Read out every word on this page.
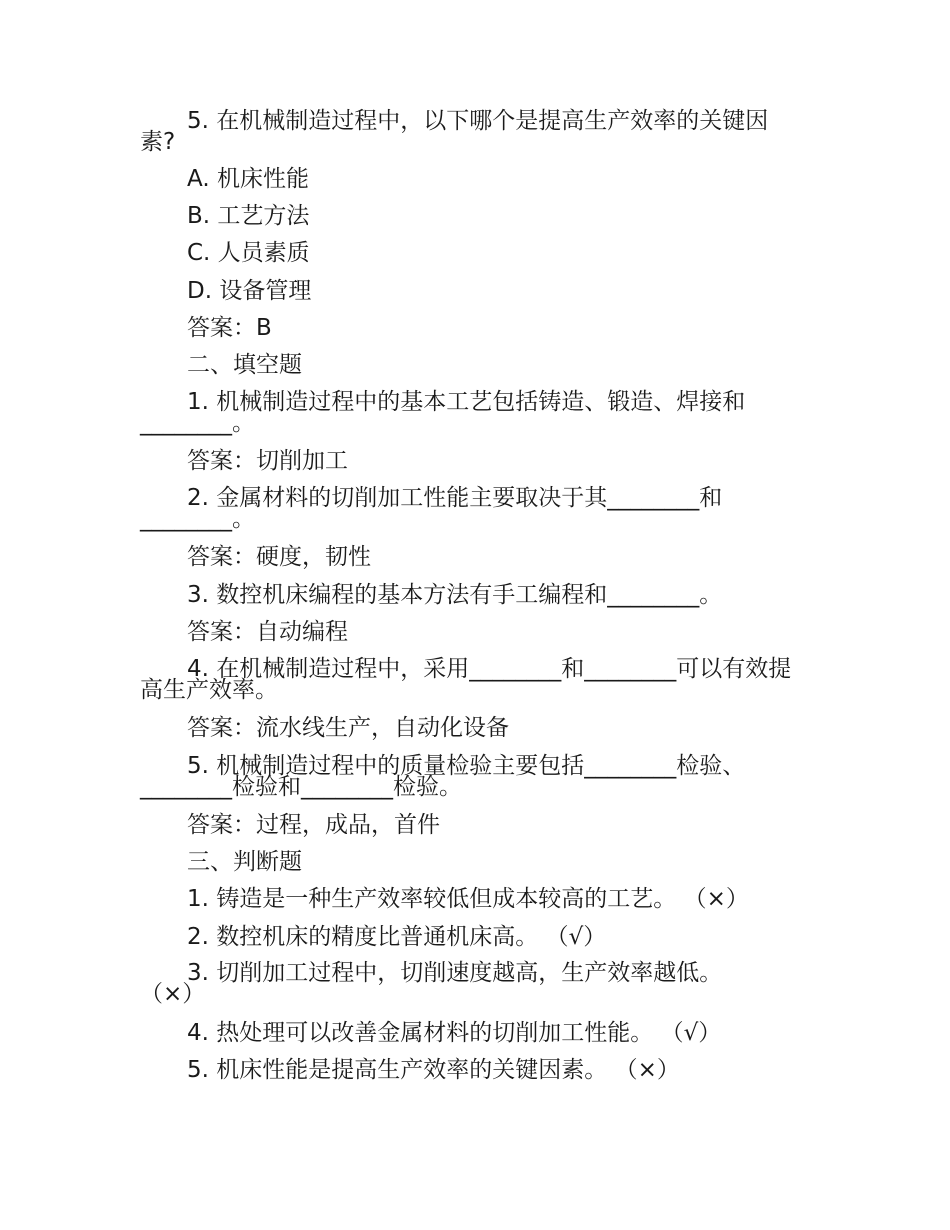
5. 在机械制造过程中，以下哪个是提高生产效率的关键因素?

A. 机床性能

B. 工艺方法

C. 人员素质

D. 设备管理

答案：B

二、填空题

1. 机械制造过程中的基本工艺包括铸造、锻造、焊接和________。

答案：切削加工

2. 金属材料的切削加工性能主要取决于其________和________。

答案：硬度，韧性

3. 数控机床编程的基本方法有手工编程和________。

答案：自动编程

4. 在机械制造过程中，采用________和________可以有效提高生产效率。

答案：流水线生产，自动化设备

5. 机械制造过程中的质量检验主要包括________检验、________检验和________检验。

答案：过程，成品，首件

三、判断题

1. 铸造是一种生产效率较低但成本较高的工艺。 （×）

2. 数控机床的精度比普通机床高。 （√）

3. 切削加工过程中，切削速度越高，生产效率越低。 （×）

4. 热处理可以改善金属材料的切削加工性能。 （√）

5. 机床性能是提高生产效率的关键因素。 （×）
